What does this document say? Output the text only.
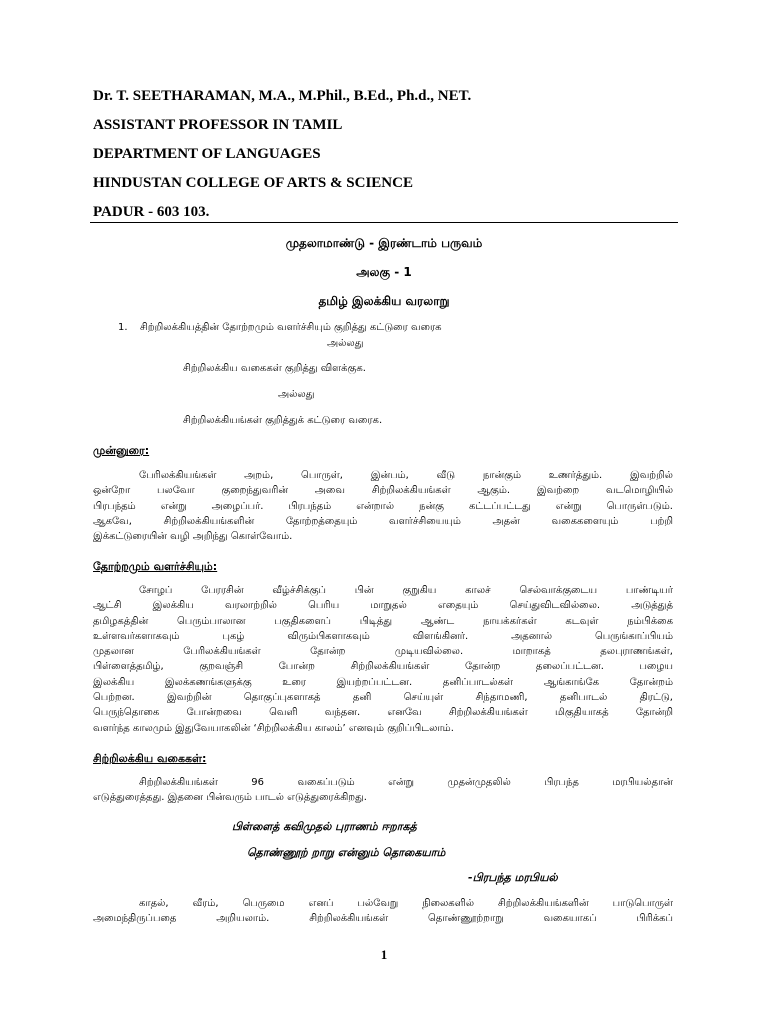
Dr. T. SEETHARAMAN, M.A., M.Phil., B.Ed., Ph.d., NET.
ASSISTANT PROFESSOR IN TAMIL
DEPARTMENT OF LANGUAGES
HINDUSTAN COLLEGE OF ARTS & SCIENCE
PADUR - 603 103.
முதலாமாண்டு - இரண்டாம் பருவம்
அலகு - 1
தமிழ் இலக்கிய வரலாறு
1. சிற்றிலக்கியத்தின் தோற்றமும் வளர்ச்சியும் குறித்து கட்டுரை வரைக
அல்லது
சிற்றிலக்கிய வகைகள் குறித்து விளக்குக.
அல்லது
சிற்றிலக்கியங்கள் குறித்துக் கட்டுரை வரைக.
முன்னுரை:
பேரிலக்கியங்கள் அறம், பொருள், இன்பம், வீடு நான்கும் உணர்த்தும். இவற்றில்
ஒன்றோ பலவோ குறைந்துவரின் அவை சிற்றிலக்கியங்கள் ஆகும். இவற்றை வடமொழியில்
பிரபந்தம் என்று அழைப்பர். பிரபந்தம் என்றால் நன்கு கட்டப்பட்டது என்று பொருள்படும்.
ஆகவே, சிற்றிலக்கியங்களின் தோற்றத்தையும் வளர்ச்சியையும் அதன் வகைகளையும் பற்றி
இக்கட்டுரையின் வழி அறிந்து கொள்வோம்.
தோற்றமும் வளர்ச்சியும்:
சோழப் பேரரசின் வீழ்ச்சிக்குப் பின் குறுகிய காலச் செல்வாக்குடைய பாண்டியர்
ஆட்சி இலக்கிய வரலாற்றில் பெரிய மாறுதல் எதையும் செய்துவிடவில்லை. அடுத்துத்
தமிழகத்தின் பெரும்பாலான பகுதிகளைப் பிடித்து ஆண்ட நாயக்கர்கள் கடவுள் நம்பிக்கை
உள்ளவர்களாகவும் புகழ் விரும்பிகளாகவும் விளங்கினர். அதனால் பெருங்காப்பியம்
முதலான பேரிலக்கியங்கள் தோன்ற முடியவில்லை. மாறாகத் தலபுராணங்கள்,
பிள்ளைத்தமிழ், குறவஞ்சி போன்ற சிற்றிலக்கியங்கள் தோன்ற தலைப்பட்டன. பழைய
இலக்கிய இலக்கணங்களுக்கு உரை இயற்றப்பட்டன. தனிப்பாடல்கள் ஆங்காங்கே தோன்றம்
பெற்றன. இவற்றின் தொகுப்புகளாகத் தனி செய்யுள் சிந்தாமணி, தனிபாடல் திரட்டு,
பெருந்தொகை போன்றவை வெளி வந்தன. எனவே சிற்றிலக்கியங்கள் மிகுதியாகத் தோன்றி
வளர்ந்த காலமும் இதுவேயாகலின் ‘சிற்றிலக்கிய காலம்’ எனவும் குறிப்பிடலாம்.
சிற்றிலக்கிய வகைகள்:
சிற்றிலக்கியங்கள் 96 வகைப்படும் என்று முதன்முதலில் பிரபந்த மரபியல்தான்
எடுத்துரைத்தது. இதனை பின்வரும் பாடல் எடுத்துரைக்கிறது.
பிள்ளைத் கவிமுதல் புராணம் ஈறாகத்
தொண்ணூற் றாறு என்னும் தொகையாம்
-பிரபந்த மரபியல்
காதல், வீரம், பெருமை எனப் பல்வேறு நிலைகளில் சிற்றிலக்கியங்களின் பாடுபொருள்
அமைந்திருப்பதை அறியலாம். சிற்றிலக்கியங்கள் தொண்ணூற்றாறு வகையாகப் பிரிக்கப்
1
